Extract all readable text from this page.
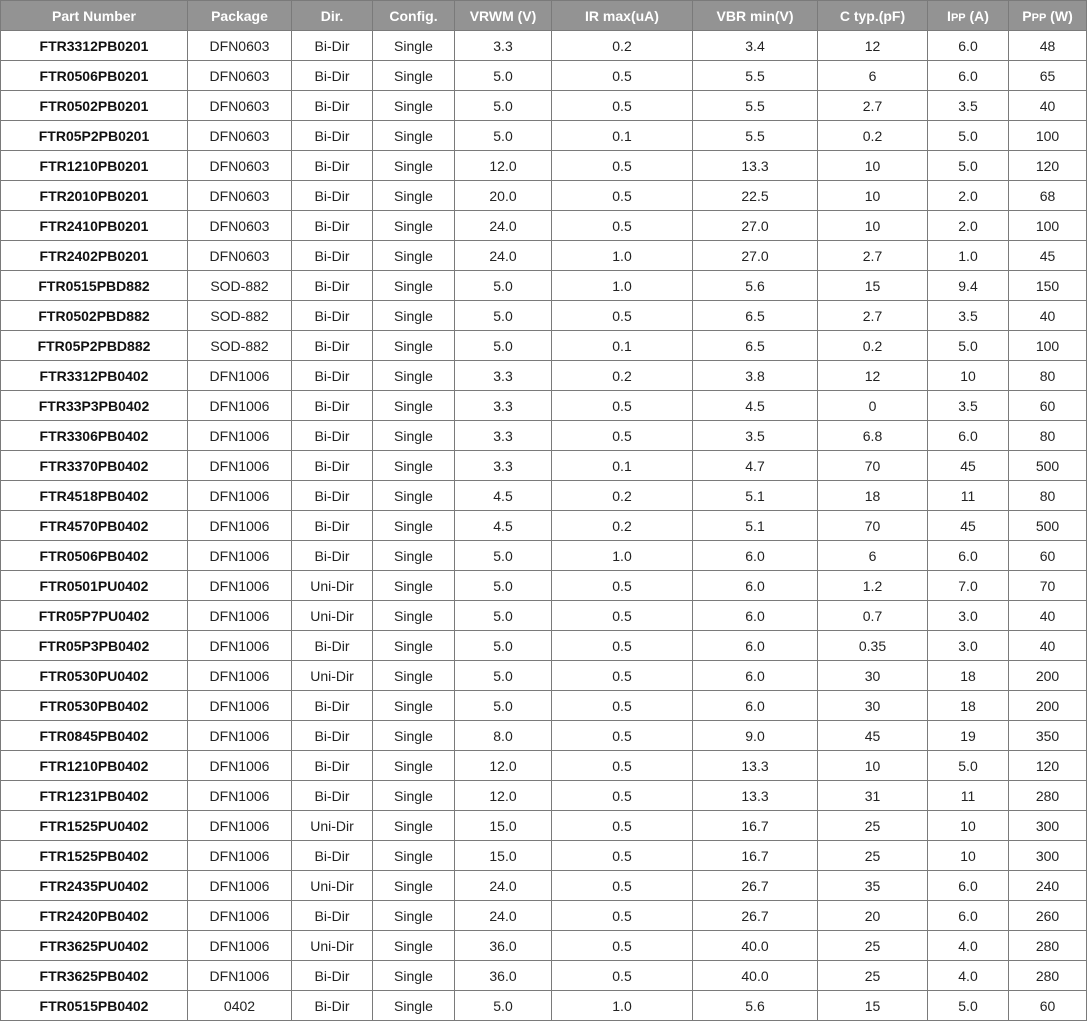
Part Number	Package	Dir.	Config.	VRWM (V)	IR max(uA)	VBR min(V)	C typ.(pF)	IPP (A)	PPP (W)
FTR3312PB0201	DFN0603	Bi-Dir	Single	3.3	0.2	3.4	12	6.0	48
FTR0506PB0201	DFN0603	Bi-Dir	Single	5.0	0.5	5.5	6	6.0	65
FTR0502PB0201	DFN0603	Bi-Dir	Single	5.0	0.5	5.5	2.7	3.5	40
FTR05P2PB0201	DFN0603	Bi-Dir	Single	5.0	0.1	5.5	0.2	5.0	100
FTR1210PB0201	DFN0603	Bi-Dir	Single	12.0	0.5	13.3	10	5.0	120
FTR2010PB0201	DFN0603	Bi-Dir	Single	20.0	0.5	22.5	10	2.0	68
FTR2410PB0201	DFN0603	Bi-Dir	Single	24.0	0.5	27.0	10	2.0	100
FTR2402PB0201	DFN0603	Bi-Dir	Single	24.0	1.0	27.0	2.7	1.0	45
FTR0515PBD882	SOD-882	Bi-Dir	Single	5.0	1.0	5.6	15	9.4	150
FTR0502PBD882	SOD-882	Bi-Dir	Single	5.0	0.5	6.5	2.7	3.5	40
FTR05P2PBD882	SOD-882	Bi-Dir	Single	5.0	0.1	6.5	0.2	5.0	100
FTR3312PB0402	DFN1006	Bi-Dir	Single	3.3	0.2	3.8	12	10	80
FTR33P3PB0402	DFN1006	Bi-Dir	Single	3.3	0.5	4.5	0	3.5	60
FTR3306PB0402	DFN1006	Bi-Dir	Single	3.3	0.5	3.5	6.8	6.0	80
FTR3370PB0402	DFN1006	Bi-Dir	Single	3.3	0.1	4.7	70	45	500
FTR4518PB0402	DFN1006	Bi-Dir	Single	4.5	0.2	5.1	18	11	80
FTR4570PB0402	DFN1006	Bi-Dir	Single	4.5	0.2	5.1	70	45	500
FTR0506PB0402	DFN1006	Bi-Dir	Single	5.0	1.0	6.0	6	6.0	60
FTR0501PU0402	DFN1006	Uni-Dir	Single	5.0	0.5	6.0	1.2	7.0	70
FTR05P7PU0402	DFN1006	Uni-Dir	Single	5.0	0.5	6.0	0.7	3.0	40
FTR05P3PB0402	DFN1006	Bi-Dir	Single	5.0	0.5	6.0	0.35	3.0	40
FTR0530PU0402	DFN1006	Uni-Dir	Single	5.0	0.5	6.0	30	18	200
FTR0530PB0402	DFN1006	Bi-Dir	Single	5.0	0.5	6.0	30	18	200
FTR0845PB0402	DFN1006	Bi-Dir	Single	8.0	0.5	9.0	45	19	350
FTR1210PB0402	DFN1006	Bi-Dir	Single	12.0	0.5	13.3	10	5.0	120
FTR1231PB0402	DFN1006	Bi-Dir	Single	12.0	0.5	13.3	31	11	280
FTR1525PU0402	DFN1006	Uni-Dir	Single	15.0	0.5	16.7	25	10	300
FTR1525PB0402	DFN1006	Bi-Dir	Single	15.0	0.5	16.7	25	10	300
FTR2435PU0402	DFN1006	Uni-Dir	Single	24.0	0.5	26.7	35	6.0	240
FTR2420PB0402	DFN1006	Bi-Dir	Single	24.0	0.5	26.7	20	6.0	260
FTR3625PU0402	DFN1006	Uni-Dir	Single	36.0	0.5	40.0	25	4.0	280
FTR3625PB0402	DFN1006	Bi-Dir	Single	36.0	0.5	40.0	25	4.0	280
FTR0515PB0402	0402	Bi-Dir	Single	5.0	1.0	5.6	15	5.0	60
